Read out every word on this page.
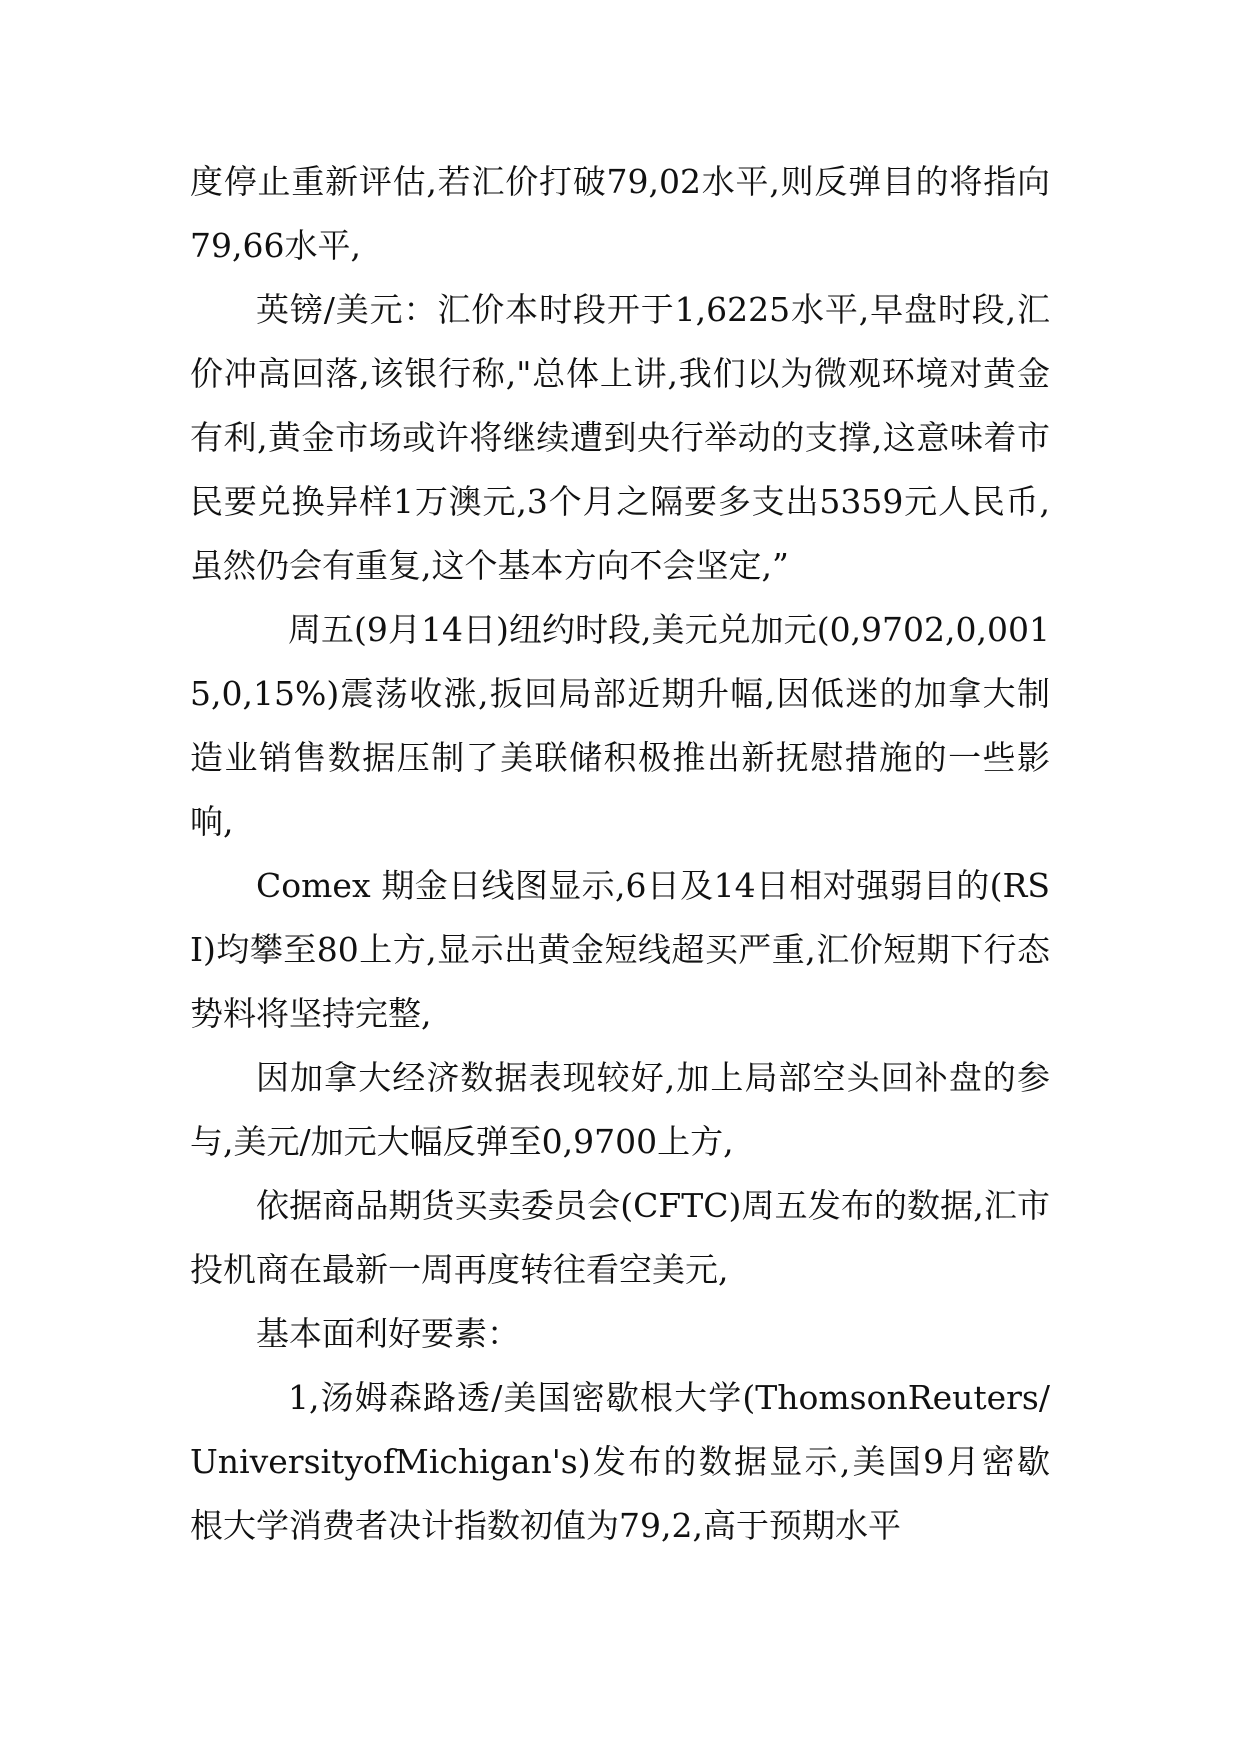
度停止重新评估,若汇价打破79,02水平,则反弹目的将指向79,66水平,

英镑/美元：汇价本时段开于1,6225水平,早盘时段,汇价冲高回落,该银行称,"总体上讲,我们以为微观环境对黄金有利,黄金市场或许将继续遭到央行举动的支撑,这意味着市民要兑换异样1万澳元,3个月之隔要多支出5359元人民币,虽然仍会有重复,这个基本方向不会坚定,”

周五(9月14日)纽约时段,美元兑加元(0,9702,0,0015,0,15%)震荡收涨,扳回局部近期升幅,因低迷的加拿大制造业销售数据压制了美联储积极推出新抚慰措施的一些影响,

Comex 期金日线图显示,6日及14日相对强弱目的(RSI)均攀至80上方,显示出黄金短线超买严重,汇价短期下行态势料将坚持完整,

因加拿大经济数据表现较好,加上局部空头回补盘的参与,美元/加元大幅反弹至0,9700上方,

依据商品期货买卖委员会(CFTC)周五发布的数据,汇市投机商在最新一周再度转往看空美元,

基本面利好要素：

1,汤姆森路透/美国密歇根大学(ThomsonReuters/UniversityofMichigan's)发布的数据显示,美国9月密歇根大学消费者决计指数初值为79,2,高于预期水平
